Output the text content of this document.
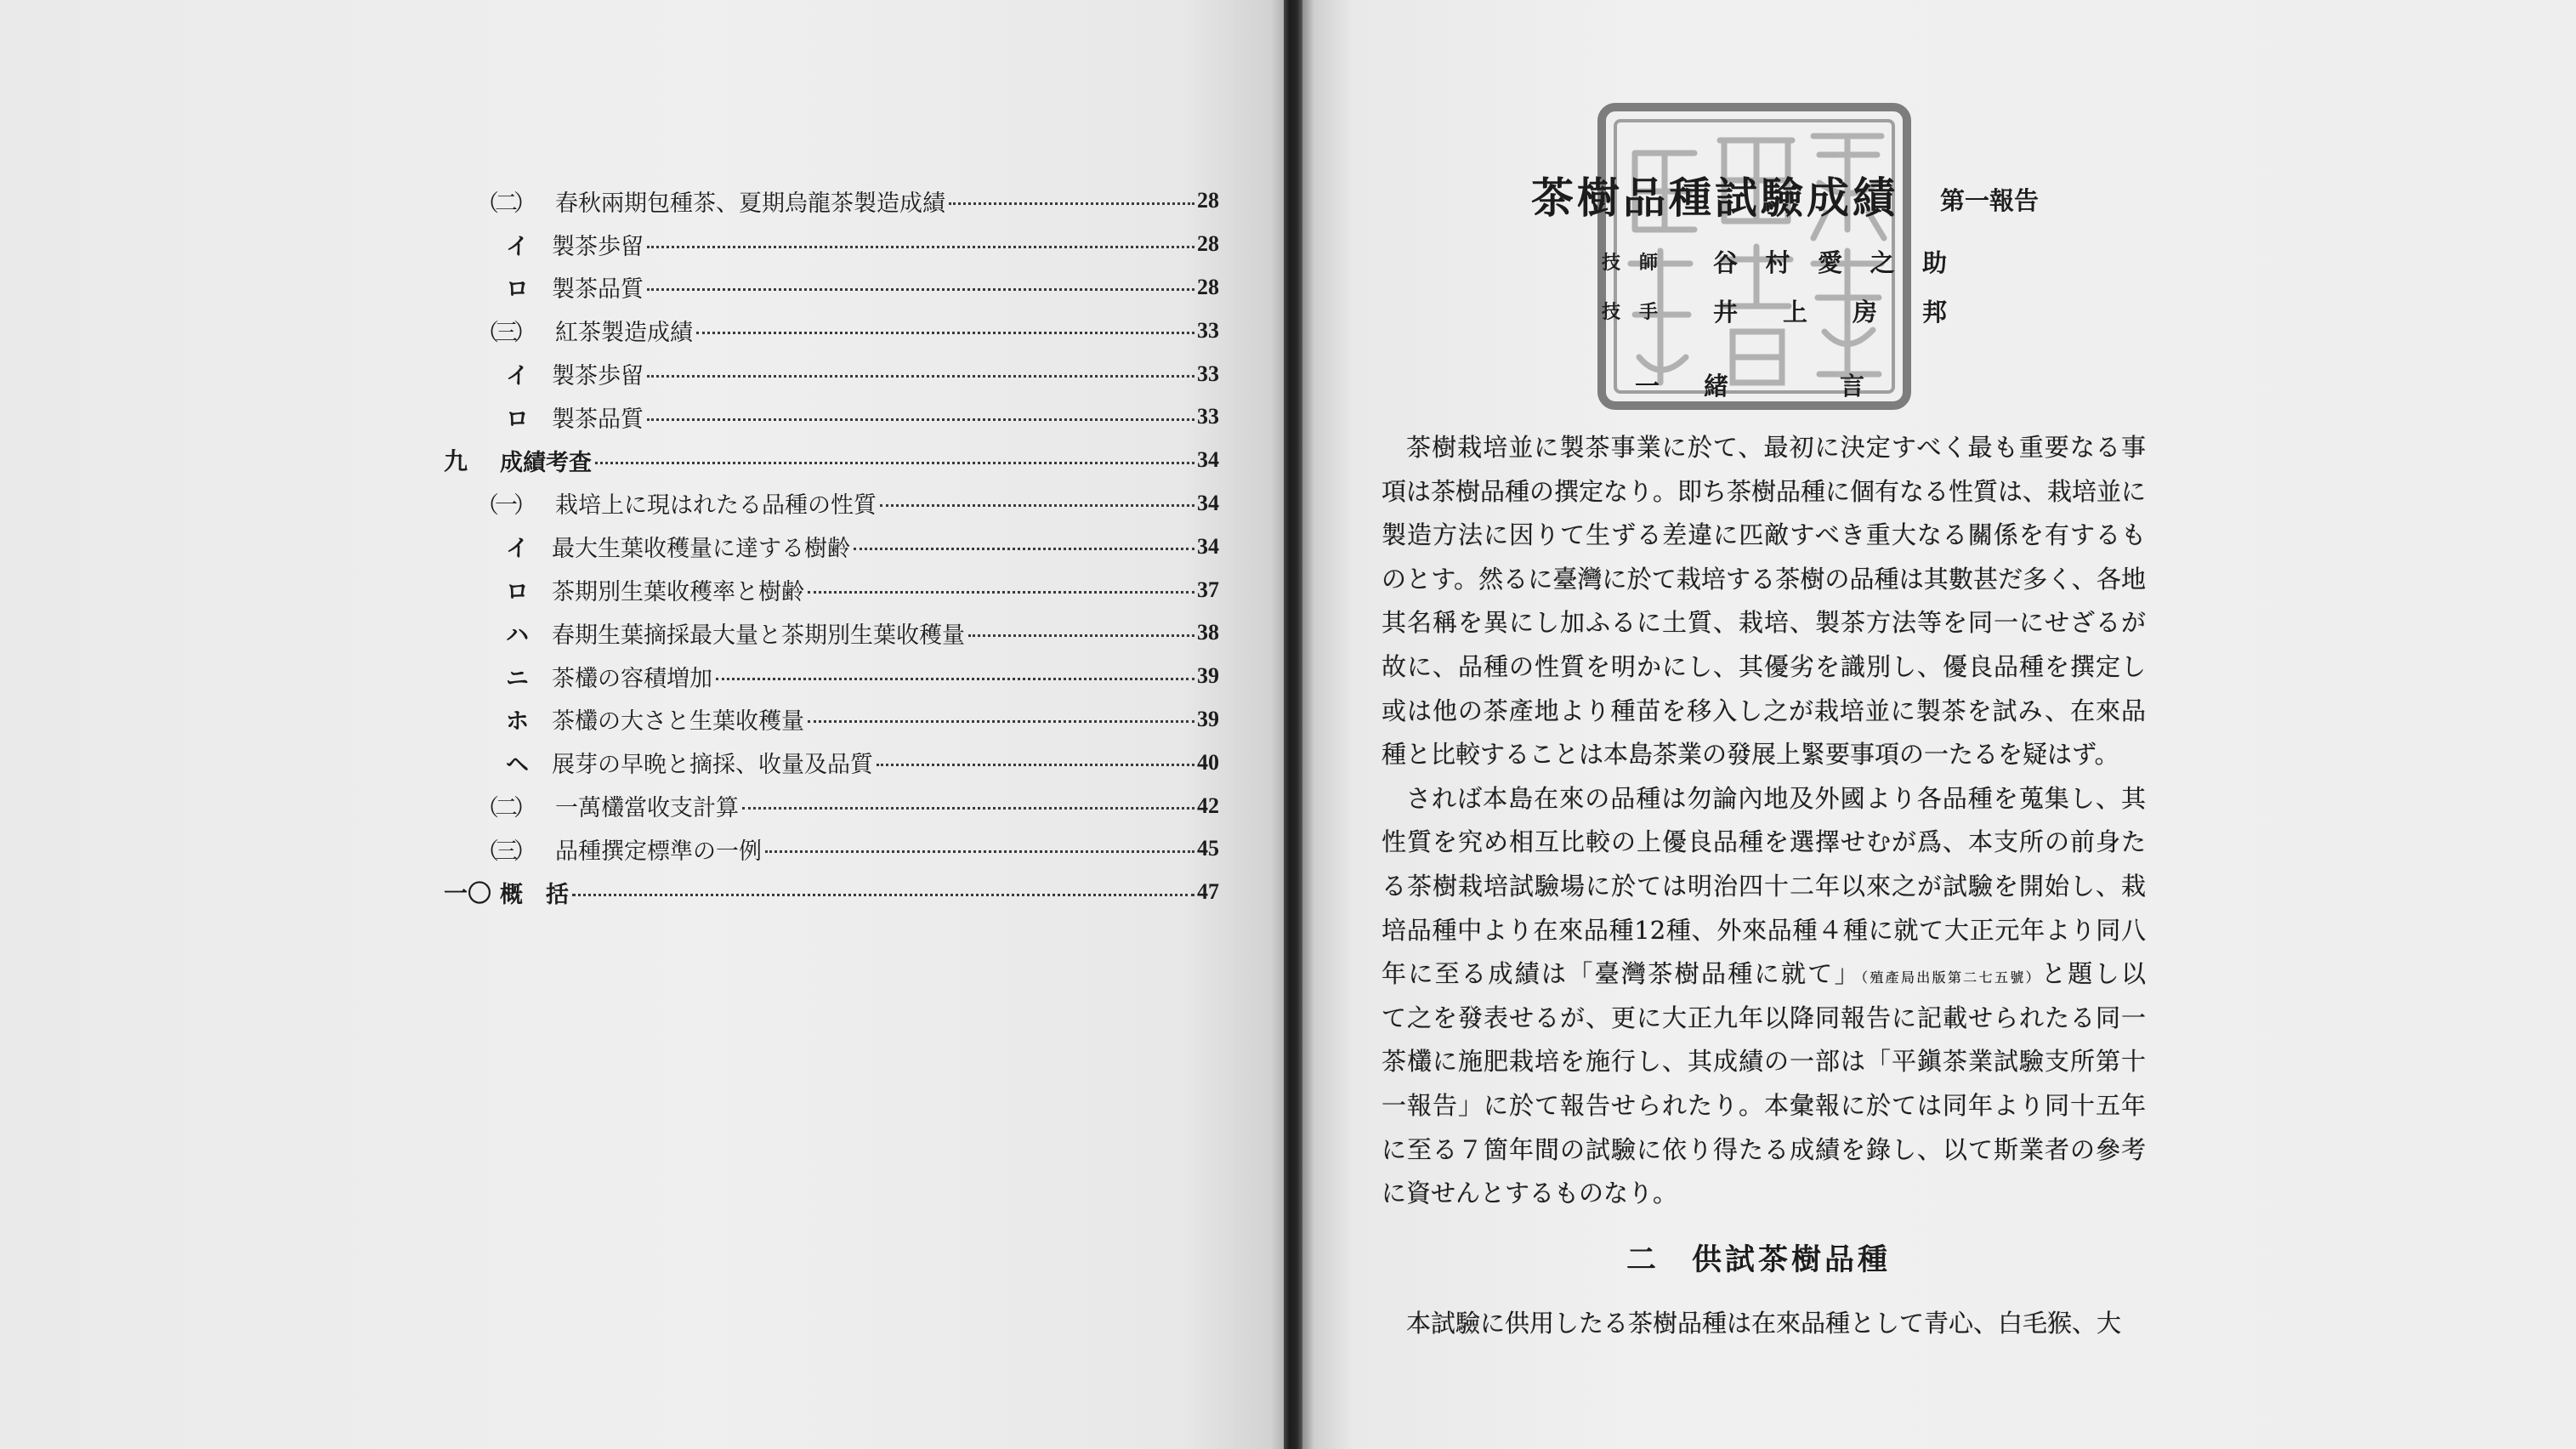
（二）	春秋兩期包種茶、夏期烏龍茶製造成績	28
イ	製茶歩留	28
ロ	製茶品質	28
（三）	紅茶製造成績	33
イ	製茶歩留	33
ロ	製茶品質	33
九	成績考査	34
（一）	栽培上に現はれたる品種の性質	34
イ	最大生葉收穫量に達する樹齢	34
ロ	茶期別生葉收穫率と樹齢	37
ハ	春期生葉摘採最大量と茶期別生葉收穫量	38
ニ	茶欉の容積増加	39
ホ	茶欉の大さと生葉收穫量	39
ヘ	展芽の早晩と摘採、收量及品質	40
（二）	一萬欉當收支計算	42
（三）	品種撰定標準の一例	45
一〇 概　括	47
茶樹品種試驗成績 第一報告
技　師 谷　村　愛　之　助
技　手 井　上　房　邦
一 緒　言
茶樹栽培並に製茶事業に於て、最初に決定すべく最も重要なる事
項は茶樹品種の撰定なり。即ち茶樹品種に個有なる性質は、栽培並に
製造方法に因りて生ずる差違に匹敵すべき重大なる關係を有するも
のとす。然るに臺灣に於て栽培する茶樹の品種は其數甚だ多く、各地
其名稱を異にし加ふるに土質、栽培、製茶方法等を同一にせざるが
故に、品種の性質を明かにし、其優劣を識別し、優良品種を撰定し
或は他の茶產地より種苗を移入し之が栽培並に製茶を試み、在來品
種と比較することは本島茶業の發展上緊要事項の一たるを疑はず。
されば本島在來の品種は勿論內地及外國より各品種を蒐集し、其
性質を究め相互比較の上優良品種を選擇せむが爲、本支所の前身た
る茶樹栽培試驗場に於ては明治四十二年以來之が試驗を開始し、栽
培品種中より在來品種12種、外來品種４種に就て大正元年より同八
年に至る成績は「臺灣茶樹品種に就て」（殖產局出版第二七五號）と題し以
て之を發表せるが、更に大正九年以降同報告に記載せられたる同一
茶欉に施肥栽培を施行し、其成績の一部は「平鎭茶業試驗支所第十
一報告」に於て報告せられたり。本彙報に於ては同年より同十五年
に至る７箇年間の試驗に依り得たる成績を錄し、以て斯業者の參考
に資せんとするものなり。
二 供試茶樹品種
本試驗に供用したる茶樹品種は在來品種として青心、白毛猴、大
